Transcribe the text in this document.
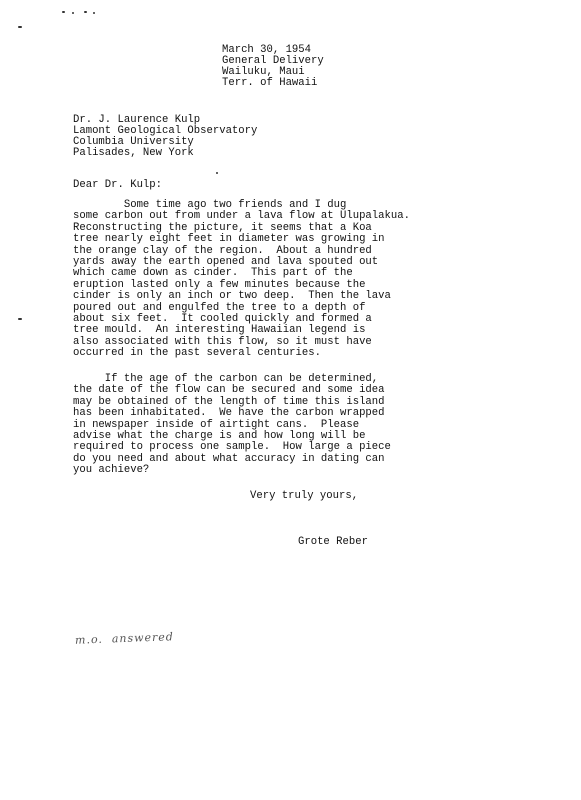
March 30, 1954
General Delivery
Wailuku, Maui
Terr. of Hawaii
Dr. J. Laurence Kulp
Lamont Geological Observatory
Columbia University
Palisades, New York
Dear Dr. Kulp:
Some time ago two friends and I dug
some carbon out from under a lava flow at Ulupalakua.
Reconstructing the picture, it seems that a Koa
tree nearly eight feet in diameter was growing in
the orange clay of the region.  About a hundred
yards away the earth opened and lava spouted out
which came down as cinder.  This part of the
eruption lasted only a few minutes because the
cinder is only an inch or two deep.  Then the lava
poured out and engulfed the tree to a depth of
about six feet.  It cooled quickly and formed a
tree mould.  An interesting Hawaiian legend is
also associated with this flow, so it must have
occurred in the past several centuries.
If the age of the carbon can be determined,
the date of the flow can be secured and some idea
may be obtained of the length of time this island
has been inhabitated.  We have the carbon wrapped
in newspaper inside of airtight cans.  Please
advise what the charge is and how long will be
required to process one sample.  How large a piece
do you need and about what accuracy in dating can
you achieve?
Very truly yours,
Grote Reber
m.o.  answered
